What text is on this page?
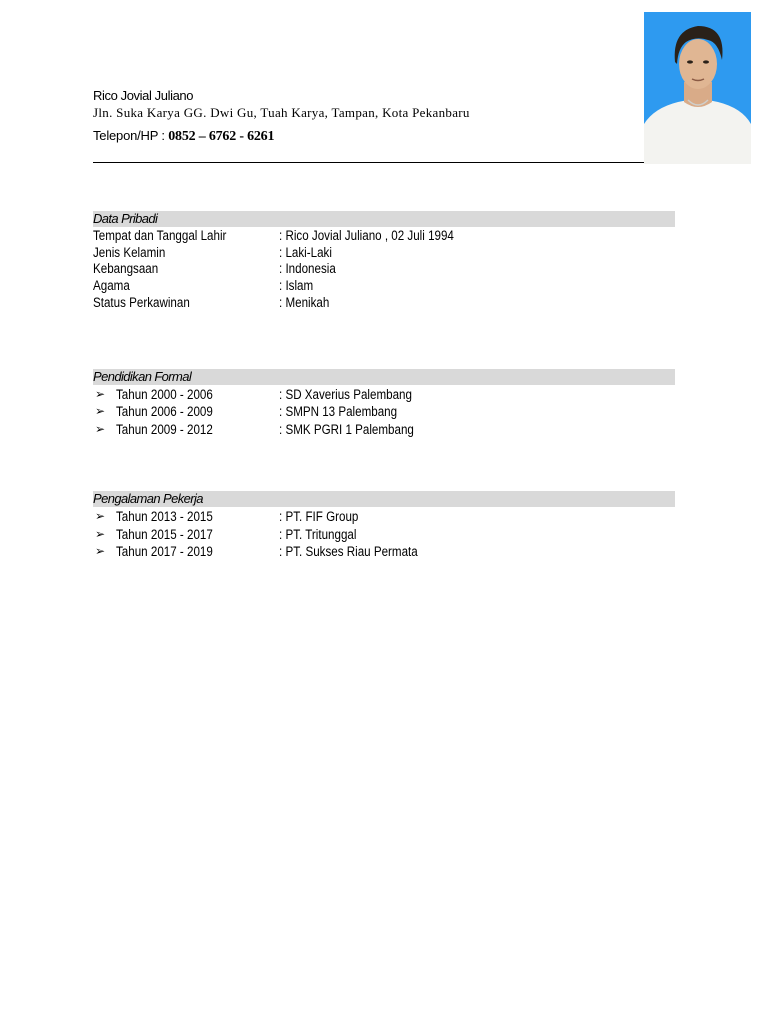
Rico Jovial Juliano
Jln. Suka Karya GG. Dwi Gu, Tuah Karya, Tampan, Kota Pekanbaru
Telepon/HP : 0852 – 6762 - 6261
Data Pribadi
Tempat dan Tanggal Lahir	: Rico Jovial Juliano , 02 Juli 1994
Jenis Kelamin	: Laki-Laki
Kebangsaan	: Indonesia
Agama	: Islam
Status Perkawinan	: Menikah
Pendidikan Formal
➢ Tahun 2000 - 2006	: SD Xaverius Palembang
➢ Tahun 2006 - 2009	: SMPN 13 Palembang
➢ Tahun 2009 - 2012	: SMK PGRI 1 Palembang
Pengalaman Pekerja
➢ Tahun 2013 - 2015	: PT. FIF Group
➢ Tahun 2015 - 2017	: PT. Tritunggal
➢ Tahun 2017 - 2019	: PT. Sukses Riau Permata
